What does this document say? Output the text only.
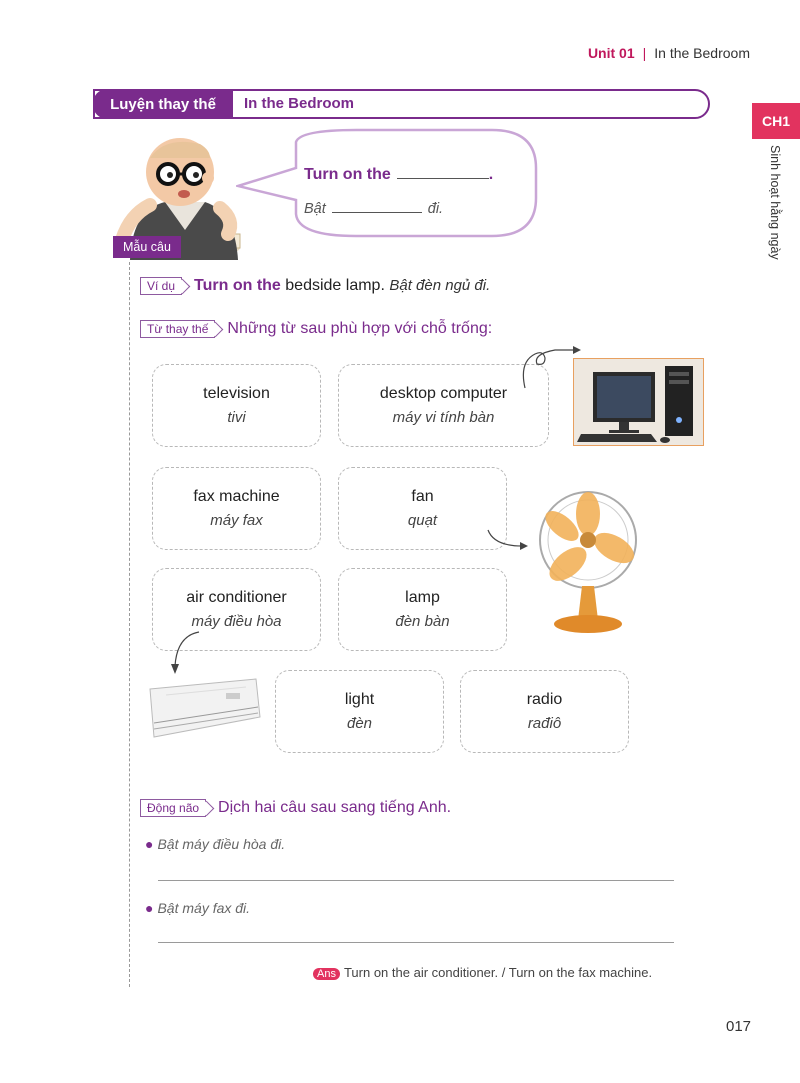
Unit 01 | In the Bedroom
CH1
Sinh hoạt hằng ngày
Luyện thay thế	In the Bedroom
Turn on the	.
Bật	đi.
Mẫu câu
Ví dụ Turn on the bedside lamp. Bật đèn ngủ đi.
Từ thay thế Những từ sau phù hợp với chỗ trống:
television
tivi
desktop computer
máy vi tính bàn
fax machine
máy fax
fan
quạt
air conditioner
máy điều hòa
lamp
đèn bàn
light
đèn
radio
rađiô
Động não Dịch hai câu sau sang tiếng Anh.
● Bật máy điều hòa đi.
● Bật máy fax đi.
Ans Turn on the air conditioner. / Turn on the fax machine.
017
